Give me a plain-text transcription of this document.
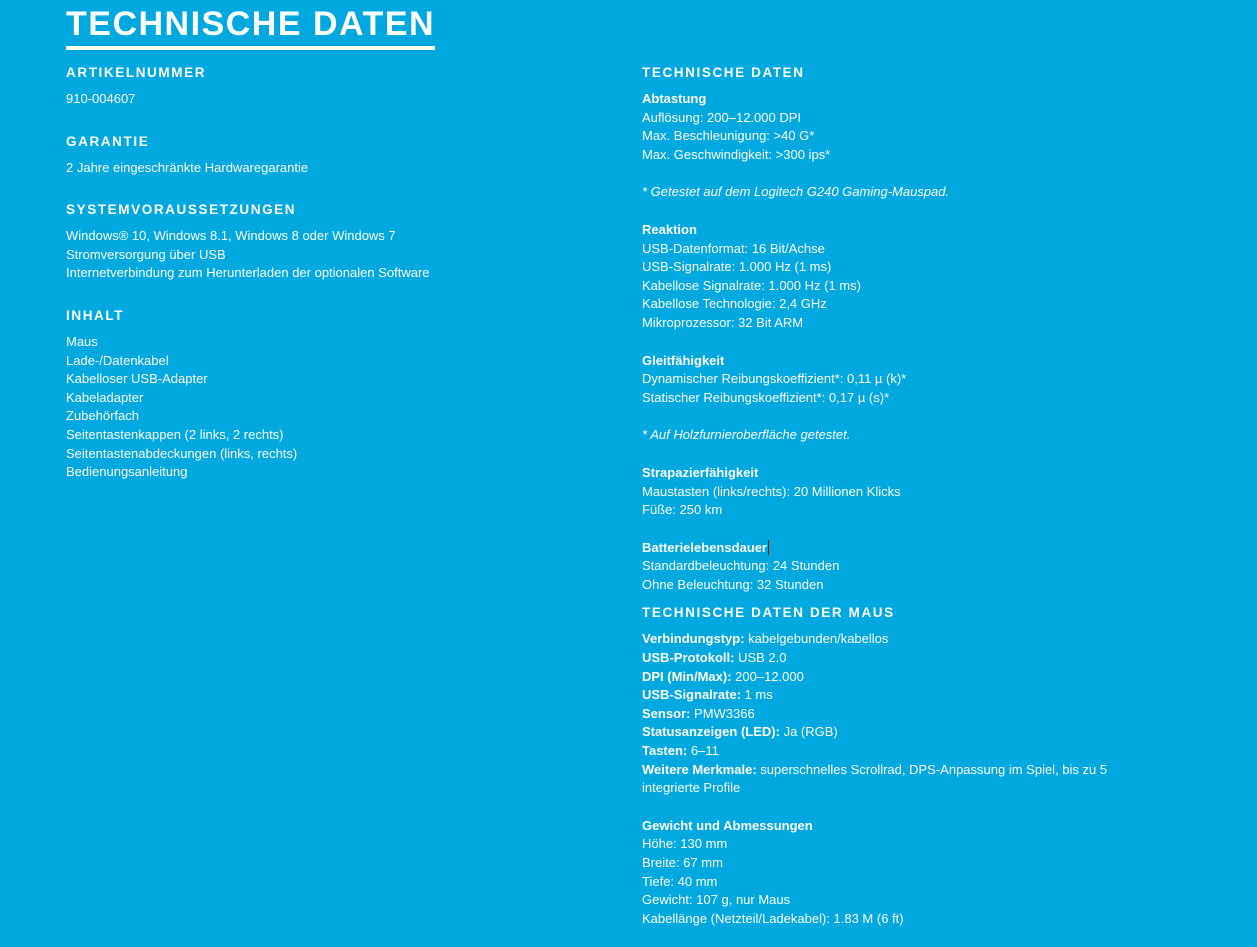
TECHNISCHE DATEN
ARTIKELNUMMER
910-004607
GARANTIE
2 Jahre eingeschränkte Hardwaregarantie
SYSTEMVORAUSSETZUNGEN
Windows® 10, Windows 8.1, Windows 8 oder Windows 7
Stromversorgung über USB
Internetverbindung zum Herunterladen der optionalen Software
INHALT
Maus
Lade-/Datenkabel
Kabelloser USB-Adapter
Kabeladapter
Zubehörfach
Seitentastenkappen (2 links, 2 rechts)
Seitentastenabdeckungen (links, rechts)
Bedienungsanleitung
TECHNISCHE DATEN
Abtastung
Auflösung: 200–12.000 DPI
Max. Beschleunigung: >40 G*
Max. Geschwindigkeit: >300 ips*
* Getestet auf dem Logitech G240 Gaming-Mauspad.
Reaktion
USB-Datenformat: 16 Bit/Achse
USB-Signalrate: 1.000 Hz (1 ms)
Kabellose Signalrate: 1.000 Hz (1 ms)
Kabellose Technologie: 2,4 GHz
Mikroprozessor: 32 Bit ARM
Gleitfähigkeit
Dynamischer Reibungskoeffizient*: 0,11 µ (k)*
Statischer Reibungskoeffizient*: 0,17 µ (s)*
* Auf Holzfurnieroberfläche getestet.
Strapazierfähigkeit
Maustasten (links/rechts): 20 Millionen Klicks
Füße: 250 km
Batterielebensdauer
Standardbeleuchtung: 24 Stunden
Ohne Beleuchtung: 32 Stunden
TECHNISCHE DATEN DER MAUS
Verbindungstyp: kabelgebunden/kabellos
USB-Protokoll: USB 2.0
DPI (Min/Max): 200–12.000
USB-Signalrate: 1 ms
Sensor: PMW3366
Statusanzeigen (LED): Ja (RGB)
Tasten: 6–11
Weitere Merkmale: superschnelles Scrollrad, DPS-Anpassung im Spiel, bis zu 5 integrierte Profile
Gewicht und Abmessungen
Höhe: 130 mm
Breite: 67 mm
Tiefe: 40 mm
Gewicht: 107 g, nur Maus
Kabellänge (Netzteil/Ladekabel): 1.83 M (6 ft)
